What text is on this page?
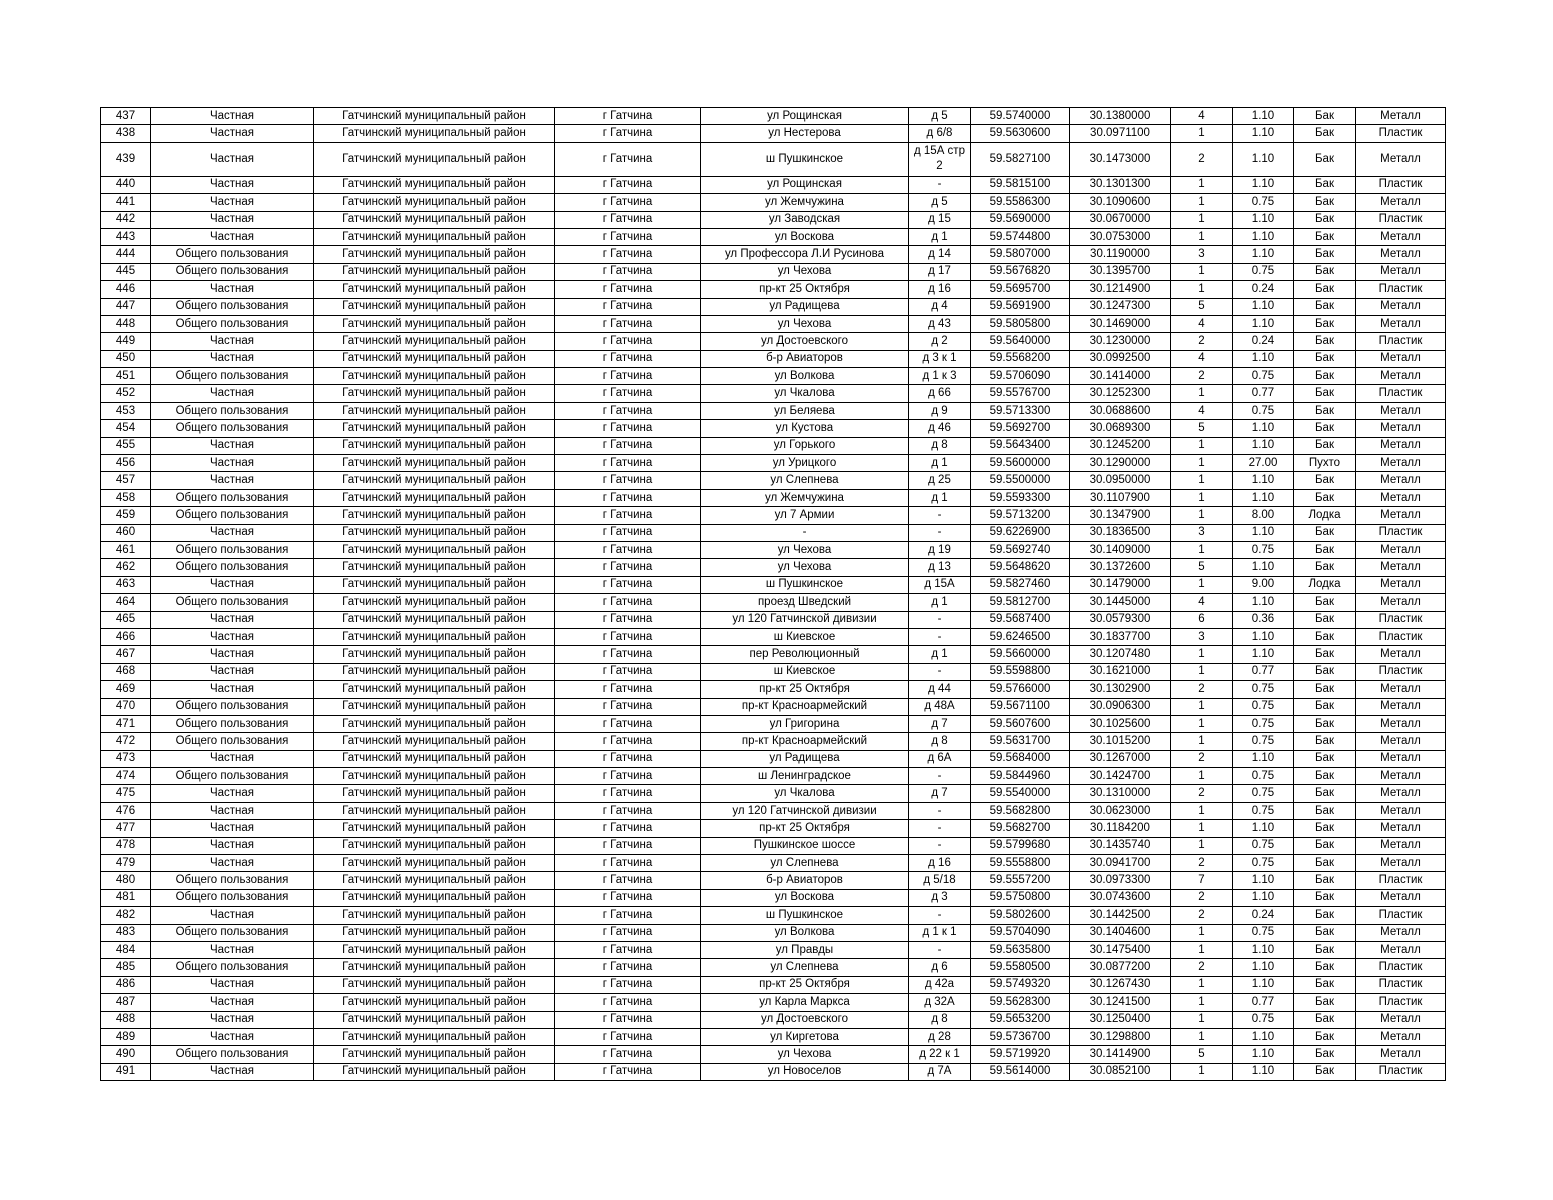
437	Частная	Гатчинский муниципальный район	г Гатчина	ул Рощинская	д 5	59.5740000	30.1380000	4	1.10	Бак	Металл
438	Частная	Гатчинский муниципальный район	г Гатчина	ул Нестерова	д 6/8	59.5630600	30.0971100	1	1.10	Бак	Пластик
439	Частная	Гатчинский муниципальный район	г Гатчина	ш Пушкинское	д 15А стр 2	59.5827100	30.1473000	2	1.10	Бак	Металл
440	Частная	Гатчинский муниципальный район	г Гатчина	ул Рощинская	-	59.5815100	30.1301300	1	1.10	Бак	Пластик
441	Частная	Гатчинский муниципальный район	г Гатчина	ул Жемчужина	д 5	59.5586300	30.1090600	1	0.75	Бак	Металл
442	Частная	Гатчинский муниципальный район	г Гатчина	ул Заводская	д 15	59.5690000	30.0670000	1	1.10	Бак	Пластик
443	Частная	Гатчинский муниципальный район	г Гатчина	ул Воскова	д 1	59.5744800	30.0753000	1	1.10	Бак	Металл
444	Общего пользования	Гатчинский муниципальный район	г Гатчина	ул Профессора Л.И Русинова	д 14	59.5807000	30.1190000	3	1.10	Бак	Металл
445	Общего пользования	Гатчинский муниципальный район	г Гатчина	ул Чехова	д 17	59.5676820	30.1395700	1	0.75	Бак	Металл
446	Частная	Гатчинский муниципальный район	г Гатчина	пр-кт 25 Октября	д 16	59.5695700	30.1214900	1	0.24	Бак	Пластик
447	Общего пользования	Гатчинский муниципальный район	г Гатчина	ул Радищева	д 4	59.5691900	30.1247300	5	1.10	Бак	Металл
448	Общего пользования	Гатчинский муниципальный район	г Гатчина	ул Чехова	д 43	59.5805800	30.1469000	4	1.10	Бак	Металл
449	Частная	Гатчинский муниципальный район	г Гатчина	ул Достоевского	д 2	59.5640000	30.1230000	2	0.24	Бак	Пластик
450	Частная	Гатчинский муниципальный район	г Гатчина	б-р Авиаторов	д 3 к 1	59.5568200	30.0992500	4	1.10	Бак	Металл
451	Общего пользования	Гатчинский муниципальный район	г Гатчина	ул Волкова	д 1 к 3	59.5706090	30.1414000	2	0.75	Бак	Металл
452	Частная	Гатчинский муниципальный район	г Гатчина	ул Чкалова	д 66	59.5576700	30.1252300	1	0.77	Бак	Пластик
453	Общего пользования	Гатчинский муниципальный район	г Гатчина	ул Беляева	д 9	59.5713300	30.0688600	4	0.75	Бак	Металл
454	Общего пользования	Гатчинский муниципальный район	г Гатчина	ул Кустова	д 46	59.5692700	30.0689300	5	1.10	Бак	Металл
455	Частная	Гатчинский муниципальный район	г Гатчина	ул Горького	д 8	59.5643400	30.1245200	1	1.10	Бак	Металл
456	Частная	Гатчинский муниципальный район	г Гатчина	ул Урицкого	д 1	59.5600000	30.1290000	1	27.00	Пухто	Металл
457	Частная	Гатчинский муниципальный район	г Гатчина	ул Слепнева	д 25	59.5500000	30.0950000	1	1.10	Бак	Металл
458	Общего пользования	Гатчинский муниципальный район	г Гатчина	ул Жемчужина	д 1	59.5593300	30.1107900	1	1.10	Бак	Металл
459	Общего пользования	Гатчинский муниципальный район	г Гатчина	ул 7 Армии	-	59.5713200	30.1347900	1	8.00	Лодка	Металл
460	Частная	Гатчинский муниципальный район	г Гатчина	-	-	59.6226900	30.1836500	3	1.10	Бак	Пластик
461	Общего пользования	Гатчинский муниципальный район	г Гатчина	ул Чехова	д 19	59.5692740	30.1409000	1	0.75	Бак	Металл
462	Общего пользования	Гатчинский муниципальный район	г Гатчина	ул Чехова	д 13	59.5648620	30.1372600	5	1.10	Бак	Металл
463	Частная	Гатчинский муниципальный район	г Гатчина	ш Пушкинское	д 15А	59.5827460	30.1479000	1	9.00	Лодка	Металл
464	Общего пользования	Гатчинский муниципальный район	г Гатчина	проезд Шведский	д 1	59.5812700	30.1445000	4	1.10	Бак	Металл
465	Частная	Гатчинский муниципальный район	г Гатчина	ул 120 Гатчинской дивизии	-	59.5687400	30.0579300	6	0.36	Бак	Пластик
466	Частная	Гатчинский муниципальный район	г Гатчина	ш Киевское	-	59.6246500	30.1837700	3	1.10	Бак	Пластик
467	Частная	Гатчинский муниципальный район	г Гатчина	пер Революционный	д 1	59.5660000	30.1207480	1	1.10	Бак	Металл
468	Частная	Гатчинский муниципальный район	г Гатчина	ш Киевское	-	59.5598800	30.1621000	1	0.77	Бак	Пластик
469	Частная	Гатчинский муниципальный район	г Гатчина	пр-кт 25 Октября	д 44	59.5766000	30.1302900	2	0.75	Бак	Металл
470	Общего пользования	Гатчинский муниципальный район	г Гатчина	пр-кт Красноармейский	д 48А	59.5671100	30.0906300	1	0.75	Бак	Металл
471	Общего пользования	Гатчинский муниципальный район	г Гатчина	ул Григорина	д 7	59.5607600	30.1025600	1	0.75	Бак	Металл
472	Общего пользования	Гатчинский муниципальный район	г Гатчина	пр-кт Красноармейский	д 8	59.5631700	30.1015200	1	0.75	Бак	Металл
473	Частная	Гатчинский муниципальный район	г Гатчина	ул Радищева	д 6А	59.5684000	30.1267000	2	1.10	Бак	Металл
474	Общего пользования	Гатчинский муниципальный район	г Гатчина	ш Ленинградское	-	59.5844960	30.1424700	1	0.75	Бак	Металл
475	Частная	Гатчинский муниципальный район	г Гатчина	ул Чкалова	д 7	59.5540000	30.1310000	2	0.75	Бак	Металл
476	Частная	Гатчинский муниципальный район	г Гатчина	ул 120 Гатчинской дивизии	-	59.5682800	30.0623000	1	0.75	Бак	Металл
477	Частная	Гатчинский муниципальный район	г Гатчина	пр-кт 25 Октября	-	59.5682700	30.1184200	1	1.10	Бак	Металл
478	Частная	Гатчинский муниципальный район	г Гатчина	Пушкинское шоссе	-	59.5799680	30.1435740	1	0.75	Бак	Металл
479	Частная	Гатчинский муниципальный район	г Гатчина	ул Слепнева	д 16	59.5558800	30.0941700	2	0.75	Бак	Металл
480	Общего пользования	Гатчинский муниципальный район	г Гатчина	б-р Авиаторов	д 5/18	59.5557200	30.0973300	7	1.10	Бак	Пластик
481	Общего пользования	Гатчинский муниципальный район	г Гатчина	ул Воскова	д 3	59.5750800	30.0743600	2	1.10	Бак	Металл
482	Частная	Гатчинский муниципальный район	г Гатчина	ш Пушкинское	-	59.5802600	30.1442500	2	0.24	Бак	Пластик
483	Общего пользования	Гатчинский муниципальный район	г Гатчина	ул Волкова	д 1 к 1	59.5704090	30.1404600	1	0.75	Бак	Металл
484	Частная	Гатчинский муниципальный район	г Гатчина	ул Правды	-	59.5635800	30.1475400	1	1.10	Бак	Металл
485	Общего пользования	Гатчинский муниципальный район	г Гатчина	ул Слепнева	д 6	59.5580500	30.0877200	2	1.10	Бак	Пластик
486	Частная	Гатчинский муниципальный район	г Гатчина	пр-кт 25 Октября	д 42а	59.5749320	30.1267430	1	1.10	Бак	Пластик
487	Частная	Гатчинский муниципальный район	г Гатчина	ул Карла Маркса	д 32А	59.5628300	30.1241500	1	0.77	Бак	Пластик
488	Частная	Гатчинский муниципальный район	г Гатчина	ул Достоевского	д 8	59.5653200	30.1250400	1	0.75	Бак	Металл
489	Частная	Гатчинский муниципальный район	г Гатчина	ул Киргетова	д 28	59.5736700	30.1298800	1	1.10	Бак	Металл
490	Общего пользования	Гатчинский муниципальный район	г Гатчина	ул Чехова	д 22 к 1	59.5719920	30.1414900	5	1.10	Бак	Металл
491	Частная	Гатчинский муниципальный район	г Гатчина	ул Новоселов	д 7А	59.5614000	30.0852100	1	1.10	Бак	Пластик
